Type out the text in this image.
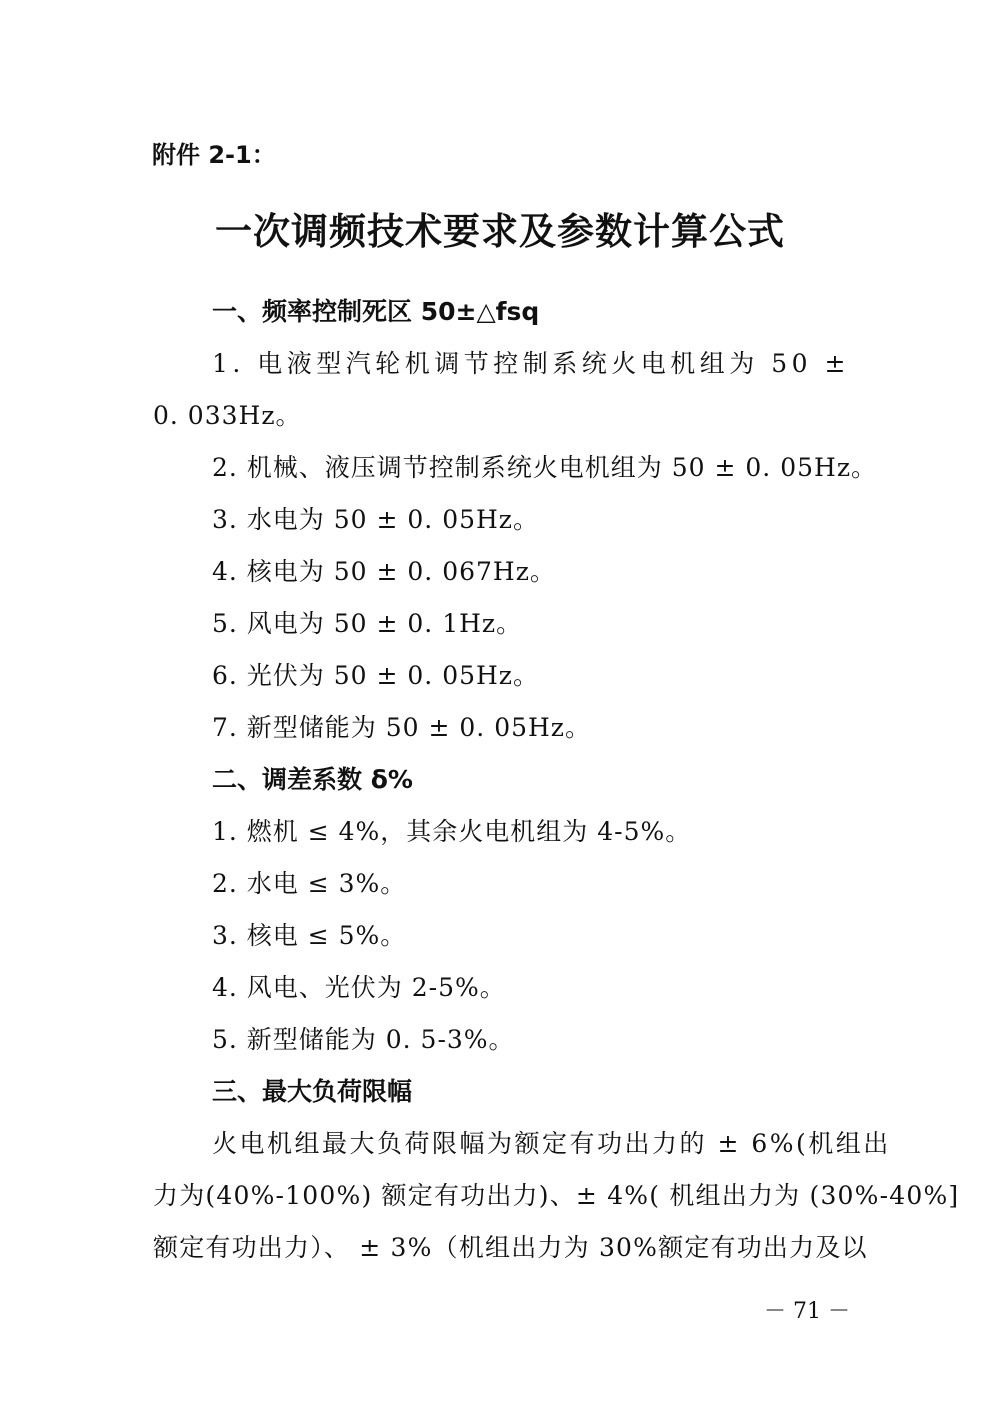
附件 2-1：
一次调频技术要求及参数计算公式
一、频率控制死区 50±△fsq
1. 电液型汽轮机调节控制系统火电机组为 50 ±
0. 033Hz。
2. 机械、液压调节控制系统火电机组为 50 ± 0. 05Hz。
3. 水电为 50 ± 0. 05Hz。
4. 核电为 50 ± 0. 067Hz。
5. 风电为 50 ± 0. 1Hz。
6. 光伏为 50 ± 0. 05Hz。
7. 新型储能为 50 ± 0. 05Hz。
二、调差系数 δ%
1. 燃机 ≤ 4%，其余火电机组为 4-5%。
2. 水电 ≤ 3%。
3. 核电 ≤ 5%。
4. 风电、光伏为 2-5%。
5. 新型储能为 0. 5-3%。
三、最大负荷限幅
火电机组最大负荷限幅为额定有功出力的 ± 6%(机组出
力为(40%-100%) 额定有功出力)、± 4%( 机组出力为 (30%-40%]
额定有功出力）、 ± 3%（机组出力为 30%额定有功出力及以
－ 71 －
